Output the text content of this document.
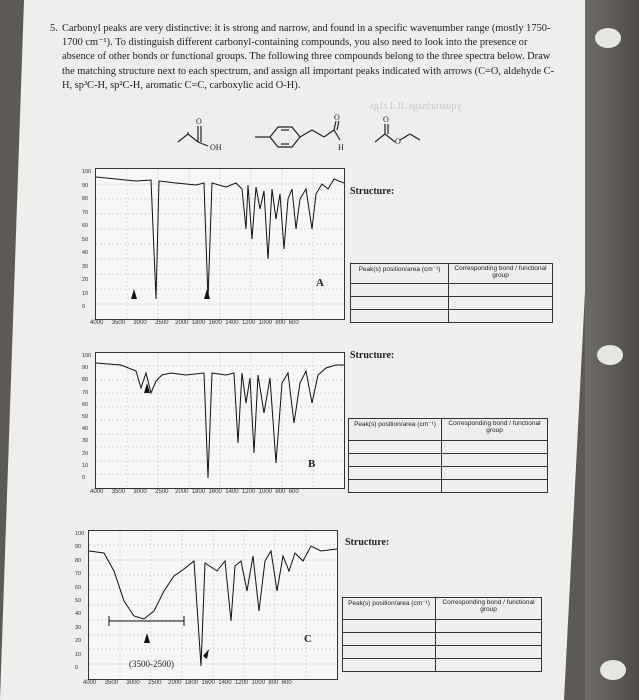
5. Carbonyl peaks are very distinctive: it is strong and narrow, and found in a specific wavenumber range (mostly 1750-1700 cm⁻¹). To distinguish different carbonyl-containing compounds, you also need to look into the presence or absence of other bonds or functional groups. The following three compounds belong to the three spectra below. Draw the matching structure next to each spectrum, and assign all important peaks indicated with arrows (C=O, aldehyde C-H, sp³C-H, sp²C-H, aromatic C=C, carboxylic acid O-H).
yquarorlnage .ll .I r1gs
OH
O	O
H
O
O
A
B
C
(3500-2500)
4000 3500 3000 2500 2000 1800 1600 1400 1200 1000 800 600
4000 3500 3000 2500 2000 1800 1600 1400 1200 1000 800 600
4000 3500 3000 2500 2000 1800 1600 1400 1200 1000 800 600
100
90
80
70
60
50
40
30
20
10
0
100
90
80
70
60
50
40
30
20
10
0
100
90
80
70
60
50
40
30
20
10
0
Structure:
Peak(s) position/area (cm⁻¹)	Corresponding bond / functional group

Structure:
Peak(s) position/area (cm⁻¹)	Corresponding bond / functional group

Structure:
Peak(s) position/area (cm⁻¹)	Corresponding bond / functional group
